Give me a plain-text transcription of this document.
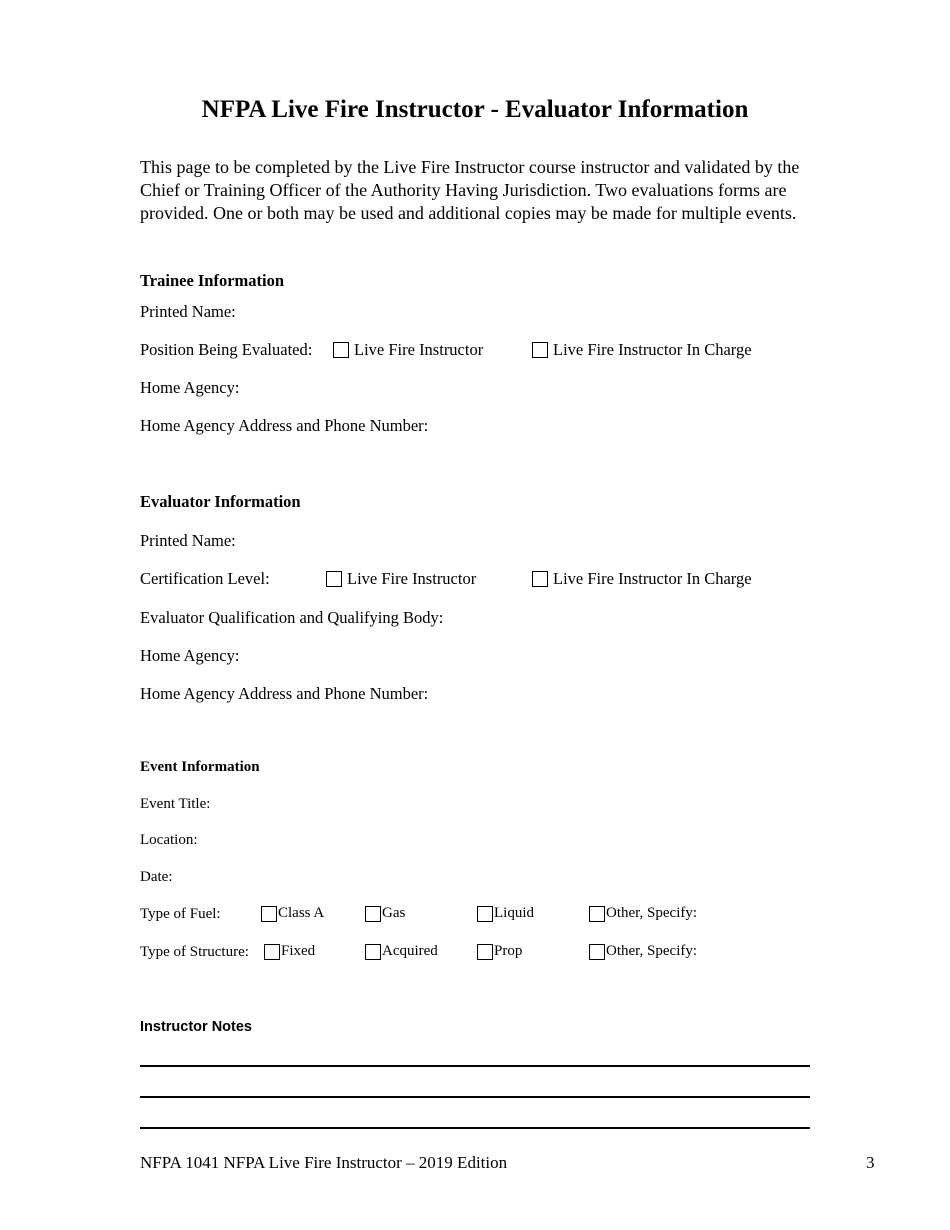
NFPA Live Fire Instructor - Evaluator Information
This page to be completed by the Live Fire Instructor course instructor and validated by the Chief or Training Officer of the Authority Having Jurisdiction. Two evaluations forms are provided. One or both may be used and additional copies may be made for multiple events.
Trainee Information
Printed Name:
Position Being Evaluated:	Live Fire Instructor	Live Fire Instructor In Charge
Home Agency:
Home Agency Address and Phone Number:
Evaluator Information
Printed Name:
Certification Level:	Live Fire Instructor	Live Fire Instructor In Charge
Evaluator Qualification and Qualifying Body:
Home Agency:
Home Agency Address and Phone Number:
Event Information
Event Title:
Location:
Date:
Type of Fuel:	Class A	Gas	Liquid	Other, Specify:
Type of Structure: Fixed	Acquired	Prop	Other, Specify:
Instructor Notes
NFPA 1041 NFPA Live Fire Instructor – 2019 Edition	3
